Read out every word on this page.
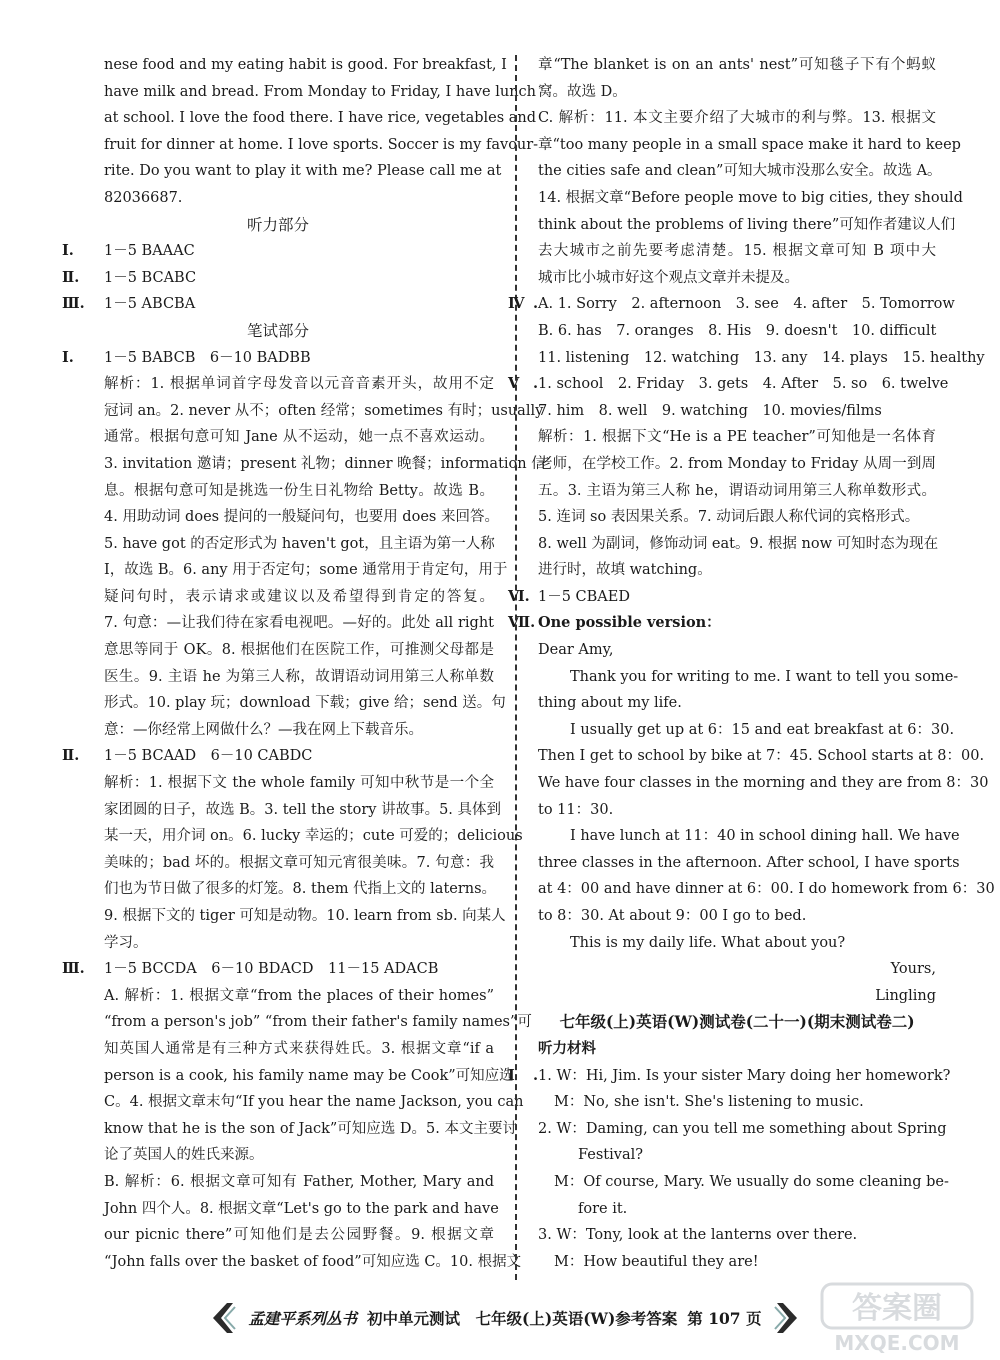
nese food and my eating habit is good. For breakfast, I
have milk and bread. From Monday to Friday, I have lunch
at school. I love the food there. I have rice, vegetables and
fruit for dinner at home. I love sports. Soccer is my favour-
rite. Do you want to play it with me? Please call me at
82036687.
听力部分
Ⅰ. 1－5 BAAAC
Ⅱ. 1－5 BCABC
Ⅲ. 1－5 ABCBA
笔试部分
Ⅰ. 1－5 BABCB　6－10 BADBB
解析：1. 根据单词首字母发音以元音音素开头，故用不定
冠词 an。2. never 从不；often 经常；sometimes 有时；usually
通常。根据句意可知 Jane 从不运动，她一点不喜欢运动。
3. invitation 邀请；present 礼物；dinner 晚餐；information 信
息。根据句意可知是挑选一份生日礼物给 Betty。故选 B。
4. 用助动词 does 提问的一般疑问句，也要用 does 来回答。
5. have got 的否定形式为 haven't got，且主语为第一人称
I，故选 B。6. any 用于否定句；some 通常用于肯定句，用于
疑问句时，表示请求或建议以及希望得到肯定的答复。
7. 句意：—让我们待在家看电视吧。—好的。此处 all right
意思等同于 OK。8. 根据他们在医院工作，可推测父母都是
医生。9. 主语 he 为第三人称，故谓语动词用第三人称单数
形式。10. play 玩；download 下载；give 给；send 送。句
意：—你经常上网做什么？—我在网上下载音乐。
Ⅱ. 1－5 BCAAD　6－10 CABDC
解析：1. 根据下文 the whole family 可知中秋节是一个全
家团圆的日子，故选 B。3. tell the story 讲故事。5. 具体到
某一天，用介词 on。6. lucky 幸运的；cute 可爱的；delicious
美味的；bad 坏的。根据文章可知元宵很美味。7. 句意：我
们也为节日做了很多的灯笼。8. them 代指上文的 laterns。
9. 根据下文的 tiger 可知是动物。10. learn from sb. 向某人
学习。
Ⅲ. 1－5 BCCDA　6－10 BDACD　11－15 ADACB
A. 解析：1. 根据文章“from the places of their homes”
“from a person's job” “from their father's family names”可
知英国人通常是有三种方式来获得姓氏。3. 根据文章“if a
person is a cook, his family name may be Cook”可知应选
C。4. 根据文章末句“If you hear the name Jackson, you can
know that he is the son of Jack”可知应选 D。5. 本文主要讨
论了英国人的姓氏来源。
B. 解析：6. 根据文章可知有 Father, Mother, Mary and
John 四个人。8. 根据文章“Let's go to the park and have
our picnic there”可知他们是去公园野餐。9. 根据文章
“John falls over the basket of food”可知应选 C。10. 根据文
章“The blanket is on an ants' nest”可知毯子下有个蚂蚁
窝。故选 D。
C. 解析：11. 本文主要介绍了大城市的利与弊。13. 根据文
章“too many people in a small space make it hard to keep
the cities safe and clean”可知大城市没那么安全。故选 A。
14. 根据文章“Before people move to big cities, they should
think about the problems of living there”可知作者建议人们
去大城市之前先要考虑清楚。15. 根据文章可知 B 项中大
城市比小城市好这个观点文章并未提及。
Ⅳ.A. 1. Sorry　2. afternoon　3. see　4. after　5. Tomorrow
B. 6. has　7. oranges　8. His　9. doesn't　10. difficult
11. listening　12. watching　13. any　14. plays　15. healthy
Ⅴ.1. school　2. Friday　3. gets　4. After　5. so　6. twelve
7. him　8. well　9. watching　10. movies/films
解析：1. 根据下文“He is a PE teacher”可知他是一名体育
老师，在学校工作。2. from Monday to Friday 从周一到周
五。3. 主语为第三人称 he，谓语动词用第三人称单数形式。
5. 连词 so 表因果关系。7. 动词后跟人称代词的宾格形式。
8. well 为副词，修饰动词 eat。9. 根据 now 可知时态为现在
进行时，故填 watching。
Ⅵ. 1－5 CBAED
Ⅶ. One possible version：
Dear Amy,
Thank you for writing to me. I want to tell you some-
thing about my life.
I usually get up at 6：15 and eat breakfast at 6：30.
Then I get to school by bike at 7：45. School starts at 8：00.
We have four classes in the morning and they are from 8：30
to 11：30.
I have lunch at 11：40 in school dining hall. We have
three classes in the afternoon. After school, I have sports
at 4：00 and have dinner at 6：00. I do homework from 6：30
to 8：30. At about 9：00 I go to bed.
This is my daily life. What about you?
Yours,
Lingling
七年级(上)英语(W)测试卷(二十一)(期末测试卷二)
听力材料
Ⅰ.1. W：Hi, Jim. Is your sister Mary doing her homework?
M：No, she isn't. She's listening to music.
2. W：Daming, can you tell me something about Spring
Festival?
M：Of course, Mary. We usually do some cleaning be-
fore it.
3. W：Tony, look at the lanterns over there.
M：How beautiful they are!
孟建平系列丛书 初中单元测试　七年级(上)英语(W)参考答案 第 107 页	答案圈
MXQE.COM
